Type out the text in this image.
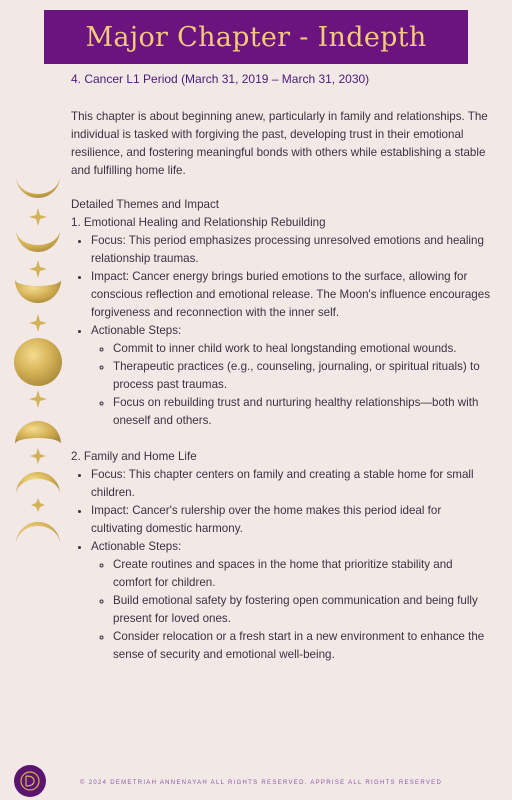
Major Chapter - Indepth
4. Cancer L1 Period (March 31, 2019 – March 31, 2030)

This chapter is about beginning anew, particularly in family and relationships. The individual is tasked with forgiving the past, developing trust in their emotional resilience, and fostering meaningful bonds with others while establishing a stable and fulfilling home life.

Detailed Themes and Impact

1. Emotional Healing and Relationship Rebuilding

• Focus: This period emphasizes processing unresolved emotions and healing relationship traumas.
• Impact: Cancer energy brings buried emotions to the surface, allowing for conscious reflection and emotional release. The Moon's influence encourages forgiveness and reconnection with the inner self.
• Actionable Steps:
◦ Commit to inner child work to heal longstanding emotional wounds.
◦ Therapeutic practices (e.g., counseling, journaling, or spiritual rituals) to process past traumas.
◦ Focus on rebuilding trust and nurturing healthy relationships—both with oneself and others.

2. Family and Home Life

• Focus: This chapter centers on family and creating a stable home for small children.
• Impact: Cancer's rulership over the home makes this period ideal for cultivating domestic harmony.
• Actionable Steps:
◦ Create routines and spaces in the home that prioritize stability and comfort for children.
◦ Build emotional safety by fostering open communication and being fully present for loved ones.
◦ Consider relocation or a fresh start in a new environment to enhance the sense of security and emotional well-being.
© 2024 DEMETRIAH ANNENAYAH ALL RIGHTS RESERVED. APPRISE ALL RIGHTS RESERVED
